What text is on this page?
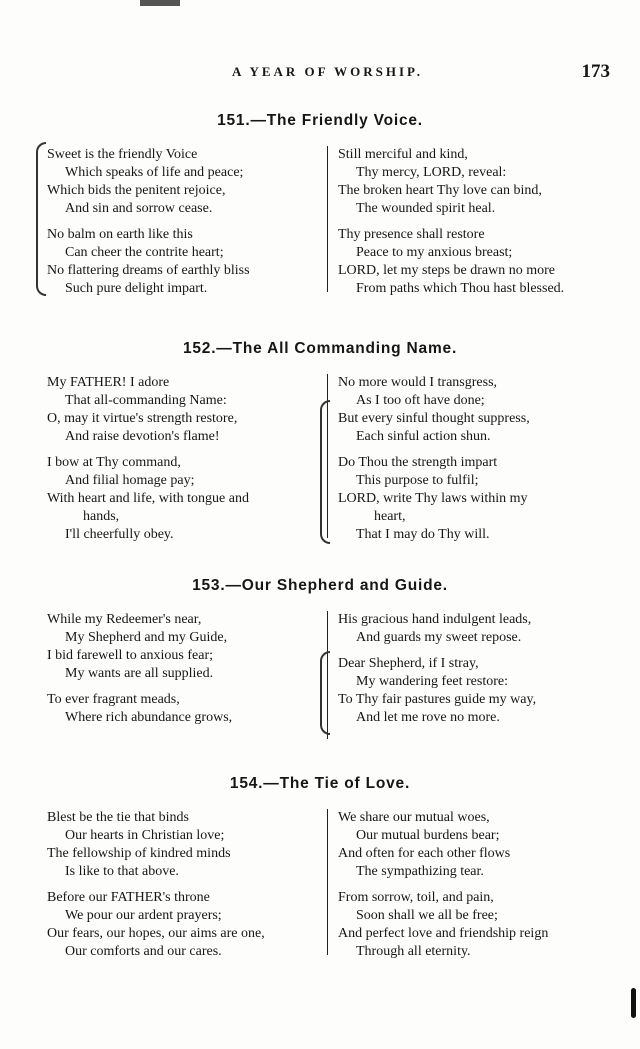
A YEAR OF WORSHIP.	173
151.—The Friendly Voice.
Sweet is the friendly Voice
Which speaks of life and peace;
Which bids the penitent rejoice,
And sin and sorrow cease.
No balm on earth like this
Can cheer the contrite heart;
No flattering dreams of earthly bliss
Such pure delight impart.
Still merciful and kind,
Thy mercy, LORD, reveal:
The broken heart Thy love can bind,
The wounded spirit heal.
Thy presence shall restore
Peace to my anxious breast;
LORD, let my steps be drawn no more
From paths which Thou hast blessed.
152.—The All Commanding Name.
My FATHER! I adore
That all-commanding Name:
O, may it virtue's strength restore,
And raise devotion's flame!
I bow at Thy command,
And filial homage pay;
With heart and life, with tongue and
hands,
I'll cheerfully obey.
No more would I transgress,
As I too oft have done;
But every sinful thought suppress,
Each sinful action shun.
Do Thou the strength impart
This purpose to fulfil;
LORD, write Thy laws within my
heart,
That I may do Thy will.
153.—Our Shepherd and Guide.
While my Redeemer's near,
My Shepherd and my Guide,
I bid farewell to anxious fear;
My wants are all supplied.
To ever fragrant meads,
Where rich abundance grows,
His gracious hand indulgent leads,
And guards my sweet repose.
Dear Shepherd, if I stray,
My wandering feet restore:
To Thy fair pastures guide my way,
And let me rove no more.
154.—The Tie of Love.
Blest be the tie that binds
Our hearts in Christian love;
The fellowship of kindred minds
Is like to that above.
Before our FATHER's throne
We pour our ardent prayers;
Our fears, our hopes, our aims are one,
Our comforts and our cares.
We share our mutual woes,
Our mutual burdens bear;
And often for each other flows
The sympathizing tear.
From sorrow, toil, and pain,
Soon shall we all be free;
And perfect love and friendship reign
Through all eternity.
